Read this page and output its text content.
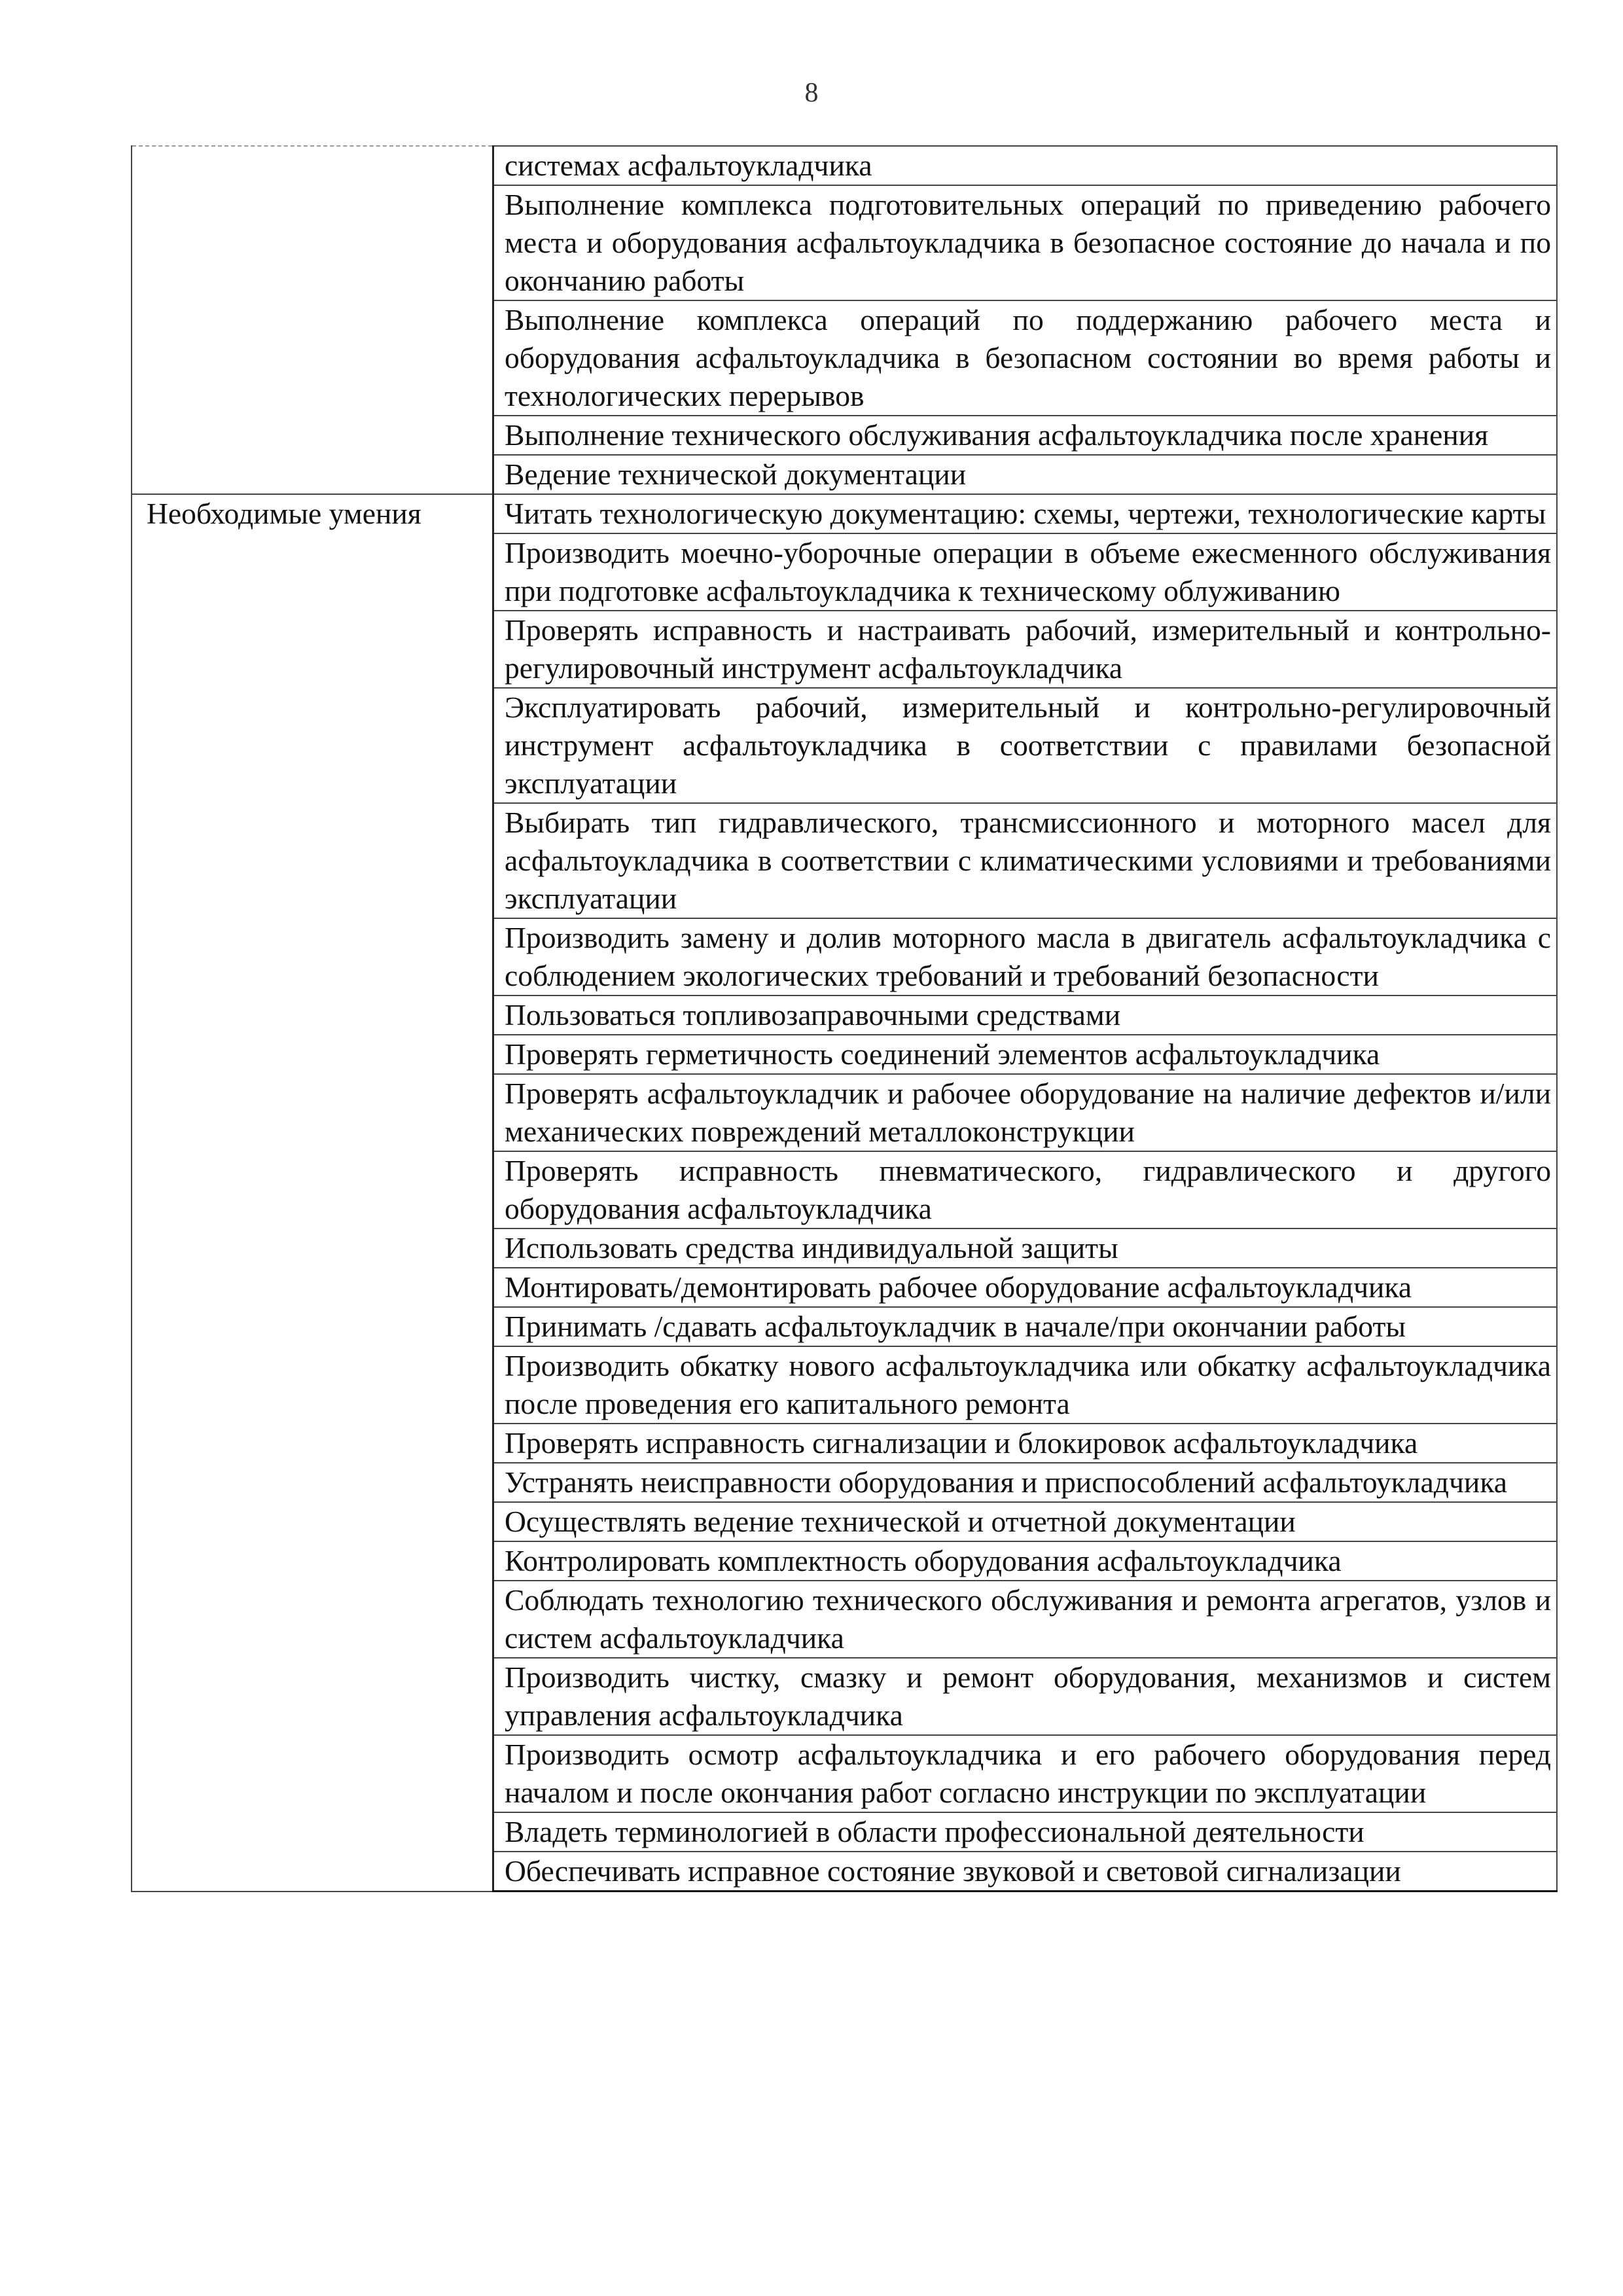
8
	системах асфальтоукладчика
	Выполнение комплекса подготовительных операций по приведению рабочего места и оборудования асфальтоукладчика в безопасное состояние до начала и по окончанию работы
	Выполнение комплекса операций по поддержанию рабочего места и оборудования асфальтоукладчика в безопасном состоянии во время работы и технологических перерывов
	Выполнение технического обслуживания асфальтоукладчика после хранения
	Ведение технической документации
Необходимые умения	Читать технологическую документацию: схемы, чертежи, технологические карты
	Производить моечно-уборочные операции в объеме ежесменного обслуживания при подготовке асфальтоукладчика к техническому облуживанию
	Проверять исправность и настраивать рабочий, измерительный и контрольно-регулировочный инструмент асфальтоукладчика
	Эксплуатировать рабочий, измерительный и контрольно-регулировочный инструмент асфальтоукладчика в соответствии с правилами безопасной эксплуатации
	Выбирать тип гидравлического, трансмиссионного и моторного масел для асфальтоукладчика в соответствии с климатическими условиями и требованиями эксплуатации
	Производить замену и долив моторного масла в двигатель асфальтоукладчика с соблюдением экологических требований и требований безопасности
	Пользоваться топливозаправочными средствами
	Проверять герметичность соединений элементов асфальтоукладчика
	Проверять асфальтоукладчик и рабочее оборудование на наличие дефектов и/или механических повреждений металлоконструкции
	Проверять исправность пневматического, гидравлического и другого оборудования асфальтоукладчика
	Использовать средства индивидуальной защиты
	Монтировать/демонтировать рабочее оборудование асфальтоукладчика
	Принимать /сдавать асфальтоукладчик в начале/при окончании работы
	Производить обкатку нового асфальтоукладчика или обкатку асфальтоукладчика после проведения его капитального ремонта
	Проверять исправность сигнализации и блокировок асфальтоукладчика
	Устранять неисправности оборудования и приспособлений асфальтоукладчика
	Осуществлять ведение технической и отчетной документации
	Контролировать комплектность оборудования асфальтоукладчика
	Соблюдать технологию технического обслуживания и ремонта агрегатов, узлов и систем асфальтоукладчика
	Производить чистку, смазку и ремонт оборудования, механизмов и систем управления асфальтоукладчика
	Производить осмотр асфальтоукладчика и его рабочего оборудования перед началом и после окончания работ согласно инструкции по эксплуатации
	Владеть терминологией в области профессиональной деятельности
	Обеспечивать исправное состояние звуковой и световой сигнализации
